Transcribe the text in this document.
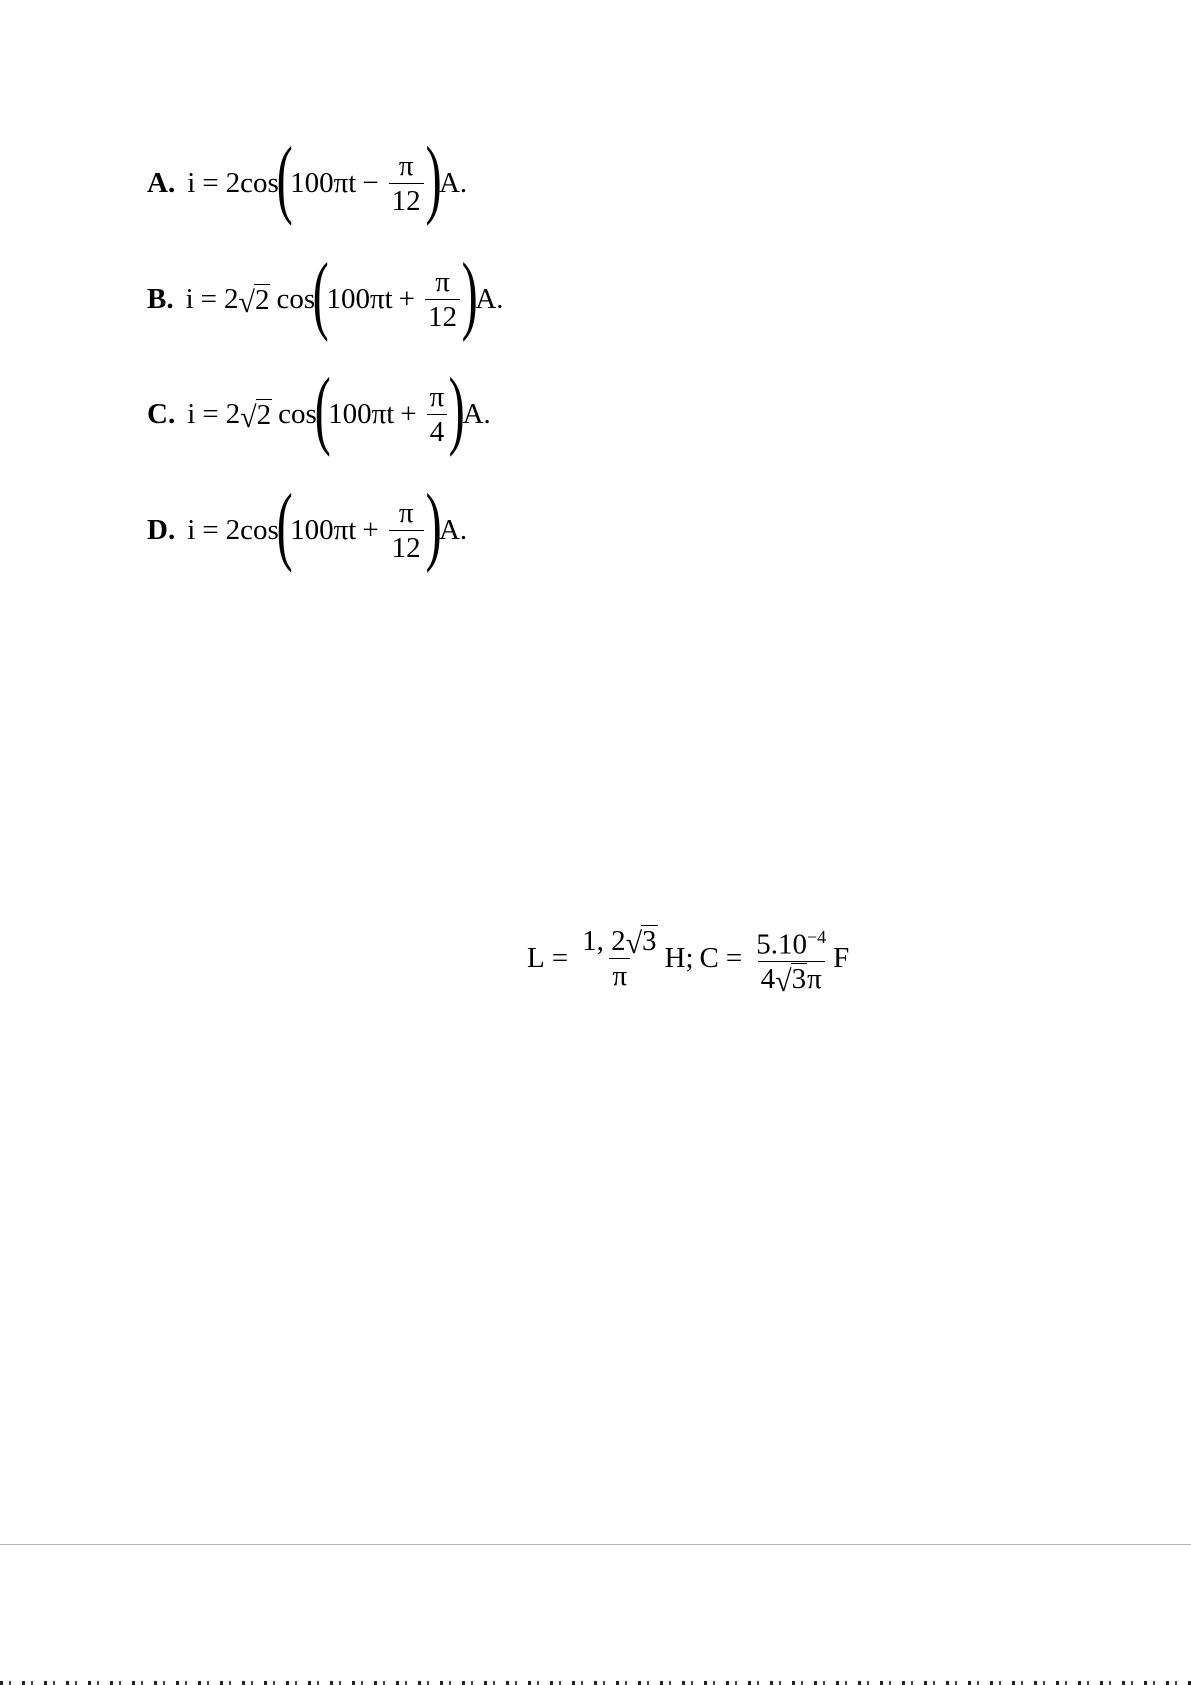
A. i = 2 cos
(
$100\pi t - \frac{\pi}{12}$ )
A.
B. i = 2 √ 2 cos
(
$100\pi t + \frac{\pi}{12}$ )
A.
C. i = 2 √ 2 cos
(
$100\pi t + \frac{\pi}{4}$ )
A.
D. i = 2 cos
(
$100\pi t + \frac{\pi}{12}$ )
A.
$L = \frac{1, 2 √ 3}{\pi} H$; $C = \frac{5.10^{-4}}{4 √ 3 \pi}$ F
